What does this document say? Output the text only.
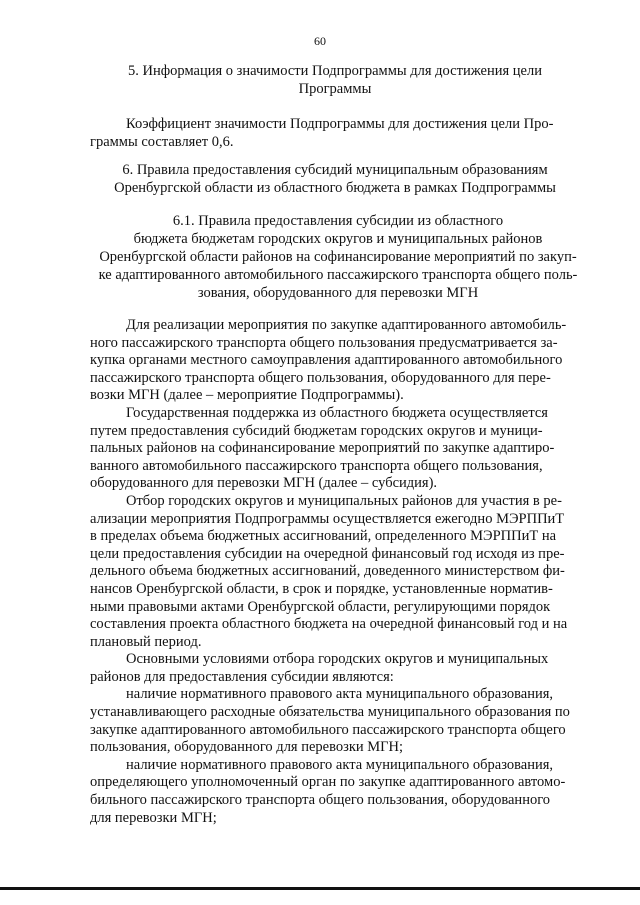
60
5. Информация о значимости Подпрограммы для достижения цели
Программы
Коэффициент значимости Подпрограммы для достижения цели Про-
граммы составляет 0,6.
6. Правила предоставления субсидий муниципальным образованиям
Оренбургской области из областного бюджета в рамках Подпрограммы
6.1. Правила предоставления субсидии из областного
бюджета бюджетам городских округов и муниципальных районов
Оренбургской области районов на софинансирование мероприятий по закуп-
ке адаптированного автомобильного пассажирского транспорта общего поль-
зования, оборудованного для перевозки МГН
Для реализации мероприятия по закупке адаптированного автомобиль-
ного пассажирского транспорта общего пользования предусматривается за-
купка органами местного самоуправления адаптированного автомобильного
пассажирского транспорта общего пользования, оборудованного для пере-
возки МГН (далее – мероприятие Подпрограммы).
Государственная поддержка из областного бюджета осуществляется
путем предоставления субсидий бюджетам городских округов и муници-
пальных районов на софинансирование мероприятий по закупке адаптиро-
ванного автомобильного пассажирского транспорта общего пользования,
оборудованного для перевозки МГН (далее – субсидия).
Отбор городских округов и муниципальных районов для участия в ре-
ализации мероприятия Подпрограммы осуществляется ежегодно МЭРППиТ
в пределах объема бюджетных ассигнований, определенного МЭРППиТ на
цели предоставления субсидии на очередной финансовый год исходя из пре-
дельного объема бюджетных ассигнований, доведенного министерством фи-
нансов Оренбургской области, в срок и порядке, установленные норматив-
ными правовыми актами Оренбургской области, регулирующими порядок
составления проекта областного бюджета на очередной финансовый год и на
плановый период.
Основными условиями отбора городских округов и муниципальных
районов для предоставления субсидии являются:
наличие нормативного правового акта муниципального образования,
устанавливающего расходные обязательства муниципального образования по
закупке адаптированного автомобильного пассажирского транспорта общего
пользования, оборудованного для перевозки МГН;
наличие нормативного правового акта муниципального образования,
определяющего уполномоченный орган по закупке адаптированного автомо-
бильного пассажирского транспорта общего пользования, оборудованного
для перевозки МГН;
